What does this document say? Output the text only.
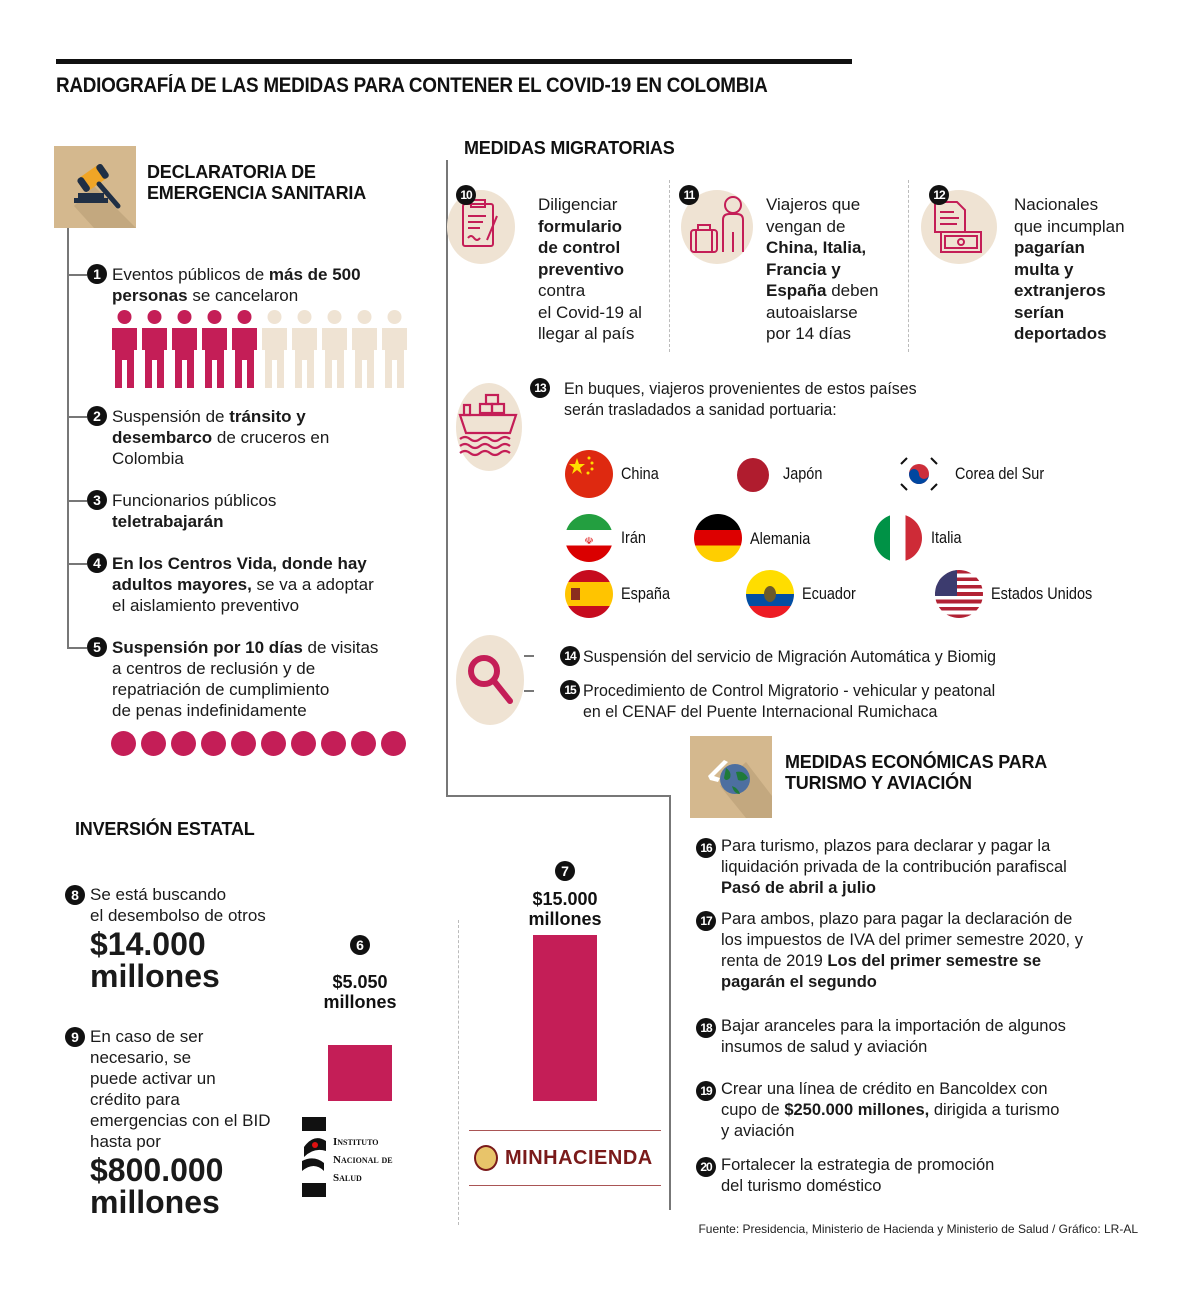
RADIOGRAFÍA DE LAS MEDIDAS PARA CONTENER EL COVID-19 EN COLOMBIA
DECLARATORIA DE
EMERGENCIA SANITARIA
1 Eventos públicos de más de 500
personas se cancelaron
2 Suspensión de tránsito y
desembarco de cruceros en
Colombia
3 Funcionarios públicos
teletrabajarán
4 En los Centros Vida, donde hay
adultos mayores, se va a adoptar
el aislamiento preventivo
5 Suspensión por 10 días de visitas
a centros de reclusión y de
repatriación de cumplimiento
de penas indefinidamente
MEDIDAS MIGRATORIAS
10	Diligenciar
formulario
de control
preventivo
contra
el Covid-19 al
llegar al país
11	Viajeros que
vengan de
China, Italia,
Francia y
España deben
autoaislarse
por 14 días
12	Nacionales
que incumplan
pagarían
multa y
extranjeros
serían
deportados
13 En buques, viajeros provenientes de estos países
serán trasladados a sanidad portuaria:
China	Japón	Corea del Sur
☫ Irán	Alemania	Italia
España	Ecuador	Estados Unidos
14 Suspensión del servicio de Migración Automática y Biomig
15 Procedimiento de Control Migratorio - vehicular y peatonal
en el CENAF del Puente Internacional Rumichaca
MEDIDAS ECONÓMICAS PARA
TURISMO Y AVIACIÓN
16 Para turismo, plazos para declarar y pagar la
liquidación privada de la contribución parafiscal
Pasó de abril a julio
17 Para ambos, plazo para pagar la declaración de
los impuestos de IVA del primer semestre 2020, y
renta de 2019 Los del primer semestre se
pagarán el segundo
18 Bajar aranceles para la importación de algunos
insumos de salud y aviación
19 Crear una línea de crédito en Bancoldex con
cupo de $250.000 millones, dirigida a turismo
y aviación
20 Fortalecer la estrategia de promoción
del turismo doméstico
INVERSIÓN ESTATAL
8 Se está buscando
el desembolso de otros
$14.000
millones
9 En caso de ser
necesario, se
puede activar un
crédito para
emergencias con el BID
hasta por
$800.000
millones
6
$5.050
millones
7
$15.000
millones
Instituto
Nacional de
Salud
MINHACIENDA
Fuente: Presidencia, Ministerio de Hacienda y Ministerio de Salud / Gráfico: LR-AL
